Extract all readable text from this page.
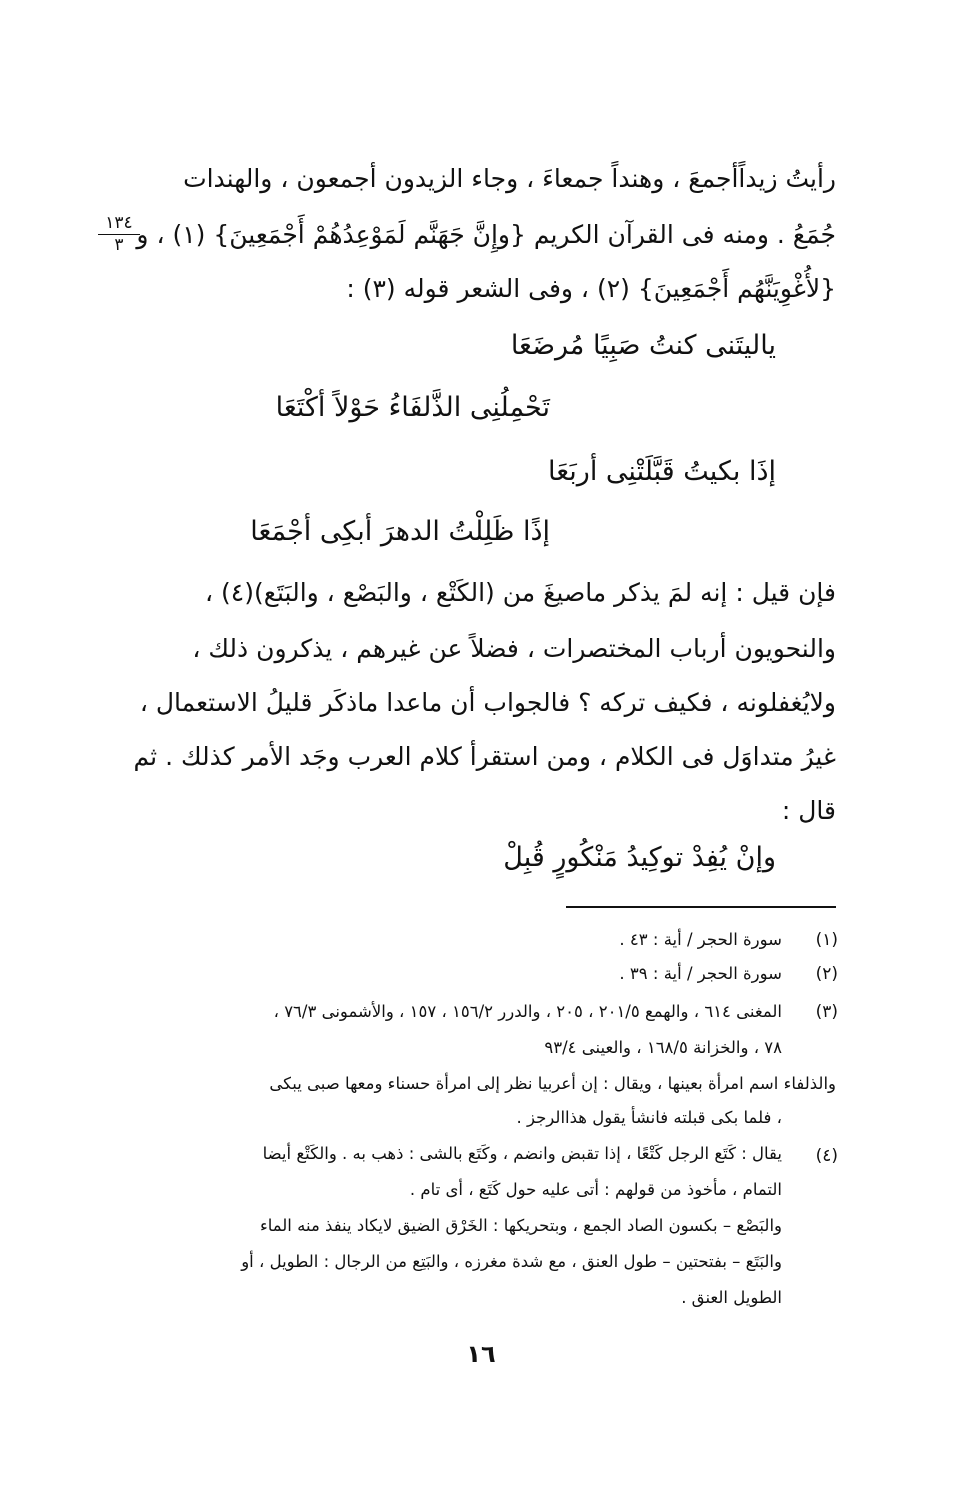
رأيتُ زيداًأجمعَ ، وهنداً جمعاءَ ، وجاء الزيدون أجمعون ، والهندات
جُمَعُ . ومنه فى القرآن الكريم {وإِنَّ جَهَنَّم لَمَوْعِدُهُمْ أَجْمَعِينَ} (١) ، و
{لأُغْوِيَنَّهُم أَجْمَعِينَ} (٢) ، وفى الشعر قوله (٣) :
١٣٤
٣
ياليتَنى كنتُ صَبِيًا مُرضَعَا
تَحْمِلُنِى الذَّلفَاءُ حَوْلاً أكْتَعَا
إذَا بكيتُ قَبَّلَتْنِى أربَعَا
إذًا ظَلِلْتُ الدهرَ أبكِى أجْمَعَا
فإن قيل : إنه لمَ يذكر ماصيغَ من (الكَتْع ، والبَصْع ، والبَتَع)(٤) ،
والنحويون أرباب المختصرات ، فضلاً عن غيرهم ، يذكرون ذلك ،
ولايُغفلونه ، فكيف تركه ؟ فالجواب أن ماعدا ماذكَر قليلُ الاستعمال ،
غيرُ متداوَل فى الكلام ، ومن استقرأ كلام العرب وجَد الأمر كذلك . ثم
قال :
وإنْ يُفِدْ توكِيدُ مَنْكُورٍ قُبِلْ
(١)
سورة الحجر / أية : ٤٣ .
(٢)
سورة الحجر / أية : ٣٩ .
(٣)
المغنى ٦١٤ ، والهمع ٢٠١/٥ ، ٢٠٥ ، والدرر ١٥٦/٢ ، ١٥٧ ، والأشمونى ٧٦/٣ ،
٧٨ ، والخزانة ١٦٨/٥ ، والعينى ٩٣/٤
والذلفاء اسم امرأة بعينها ، ويقال : إن أعربيا نظر إلى امرأة حسناء ومعها صبى يبكى
، فلما بكى قبلته فانشأ يقول هذاالرجز .
(٤)
يقال : كَتَع الرجل كَتْعًا ، إذا تقبض وانضم ، وكَتَع بالشى : ذهب به . والكَتْع أيضا
التمام ، مأخوذ من قولهم : أتى عليه حول كَتَع ، أى تام .
والبَصْع – بكسون الصاد الجمع ، وبتحريكها : الخَرْق الضيق لايكاد ينفذ منه الماء
والبَتَع – بفتحتين – طول العنق ، مع شدة مغرزه ، والبَتِع من الرجال : الطويل ، أو
الطويل العنق .
١٦
